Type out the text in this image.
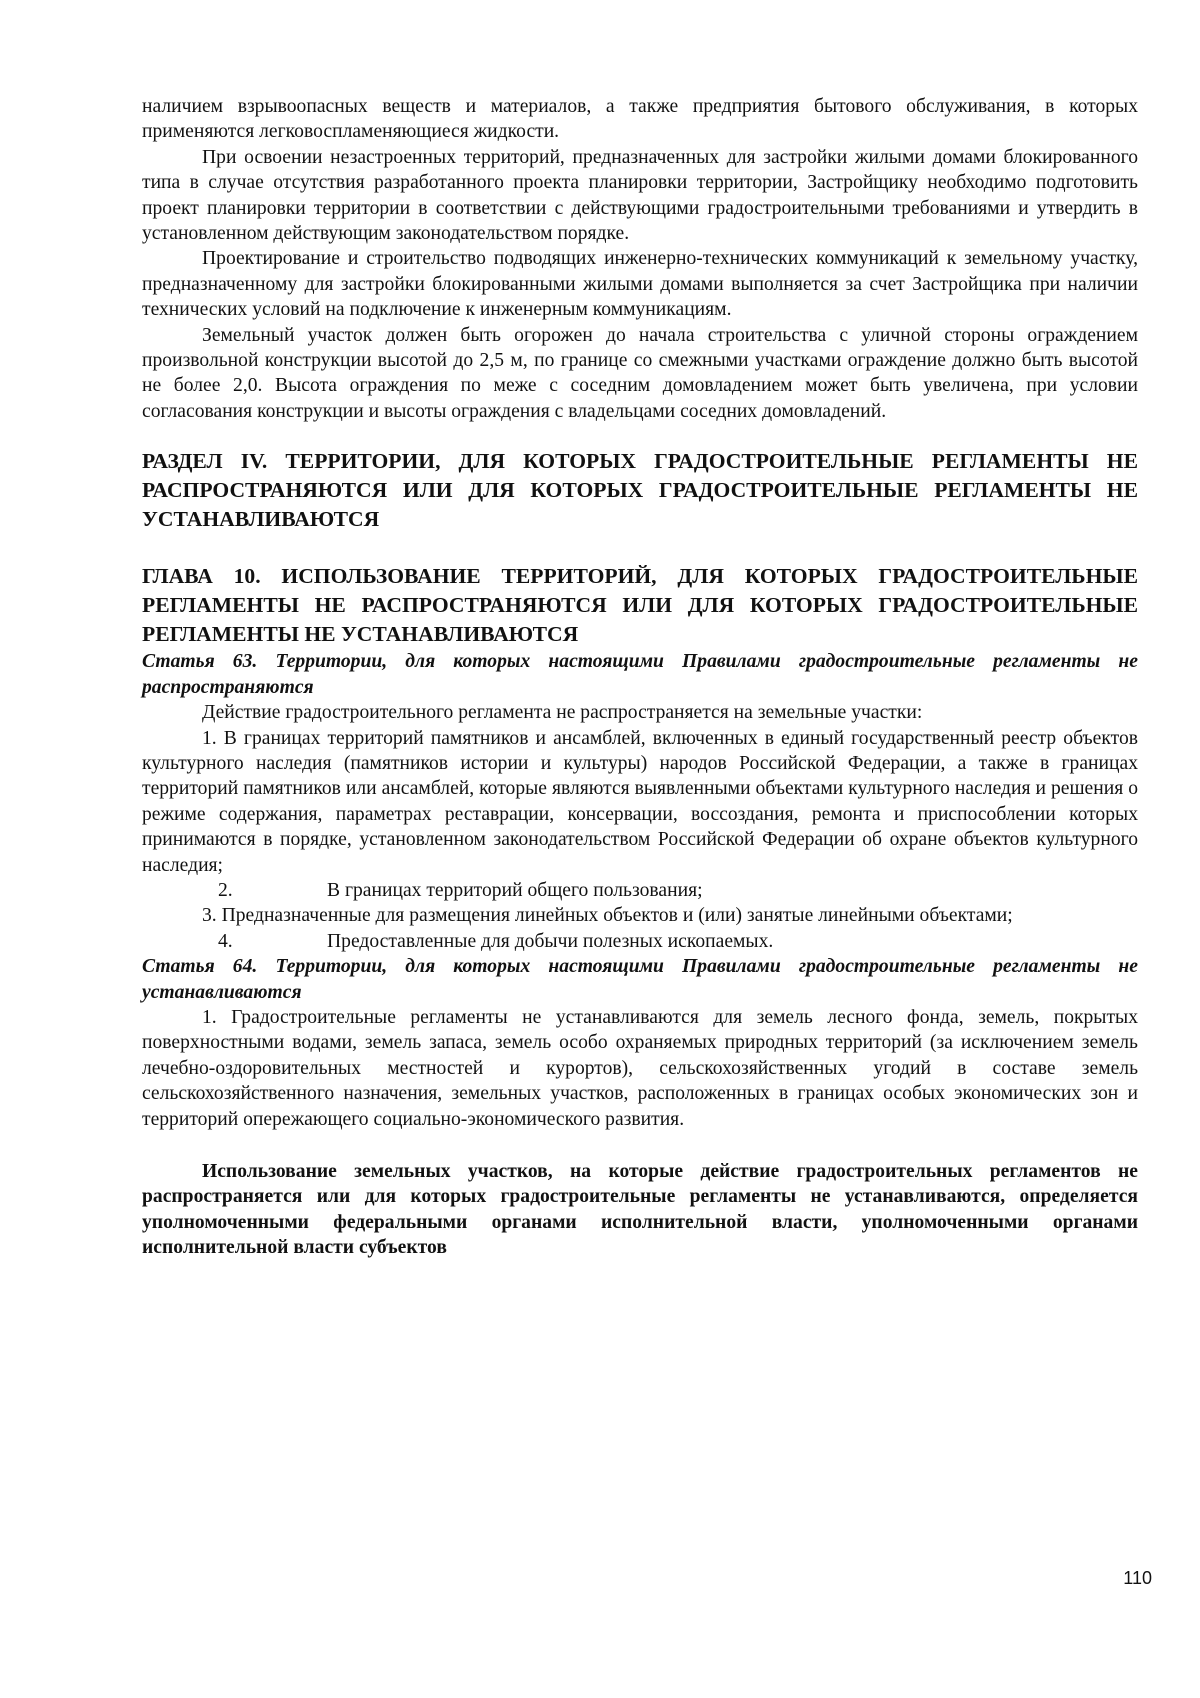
наличием взрывоопасных веществ и материалов, а также предприятия бытового обслуживания, в которых применяются легковоспламеняющиеся жидкости.

При освоении незастроенных территорий, предназначенных для застройки жилыми домами блокированного типа в случае отсутствия разработанного проекта планировки территории, Застройщику необходимо подготовить проект планировки территории в соответствии с действующими градостроительными требованиями и утвердить в установленном действующим законодательством порядке.

Проектирование и строительство подводящих инженерно-технических коммуникаций к земельному участку, предназначенному для застройки блокированными жилыми домами выполняется за счет Застройщика при наличии технических условий на подключение к инженерным коммуникациям.

Земельный участок должен быть огорожен до начала строительства с уличной стороны ограждением произвольной конструкции высотой до 2,5 м, по границе со смежными участками ограждение должно быть высотой не более 2,0. Высота ограждения по меже с соседним домовладением может быть увеличена, при условии согласования конструкции и высоты ограждения с владельцами соседних домовладений.

РАЗДЕЛ IV. ТЕРРИТОРИИ, ДЛЯ КОТОРЫХ ГРАДОСТРОИТЕЛЬНЫЕ РЕГЛАМЕНТЫ НЕ РАСПРОСТРАНЯЮТСЯ ИЛИ ДЛЯ КОТОРЫХ ГРАДОСТРОИТЕЛЬНЫЕ РЕГЛАМЕНТЫ НЕ УСТАНАВЛИВАЮТСЯ

ГЛАВА 10. ИСПОЛЬЗОВАНИЕ ТЕРРИТОРИЙ, ДЛЯ КОТОРЫХ ГРАДОСТРОИТЕЛЬНЫЕ РЕГЛАМЕНТЫ НЕ РАСПРОСТРАНЯЮТСЯ ИЛИ ДЛЯ КОТОРЫХ ГРАДОСТРОИТЕЛЬНЫЕ РЕГЛАМЕНТЫ НЕ УСТАНАВЛИВАЮТСЯ

Статья 63. Территории, для которых настоящими Правилами градостроительные регламенты не распространяются

Действие градостроительного регламента не распространяется на земельные участки:

1. В границах территорий памятников и ансамблей, включенных в единый государственный реестр объектов культурного наследия (памятников истории и культуры) народов Российской Федерации, а также в границах территорий памятников или ансамблей, которые являются выявленными объектами культурного наследия и решения о режиме содержания, параметрах реставрации, консервации, воссоздания, ремонта и приспособлении которых принимаются в порядке, установленном законодательством Российской Федерации об охране объектов культурного наследия;

2.	В границах территорий общего пользования;

3. Предназначенные для размещения линейных объектов и (или) занятые линейными объектами;

4.	Предоставленные для добычи полезных ископаемых.

Статья 64. Территории, для которых настоящими Правилами градостроительные регламенты не устанавливаются

1. Градостроительные регламенты не устанавливаются для земель лесного фонда, земель, покрытых поверхностными водами, земель запаса, земель особо охраняемых природных территорий (за исключением земель лечебно-оздоровительных местностей и курортов), сельскохозяйственных угодий в составе земель сельскохозяйственного назначения, земельных участков, расположенных в границах особых экономических зон и территорий опережающего социально-экономического развития.

Использование земельных участков, на которые действие градостроительных регламентов не распространяется или для которых градостроительные регламенты не устанавливаются, определяется уполномоченными федеральными органами исполнительной власти, уполномоченными органами исполнительной власти субъектов

110
